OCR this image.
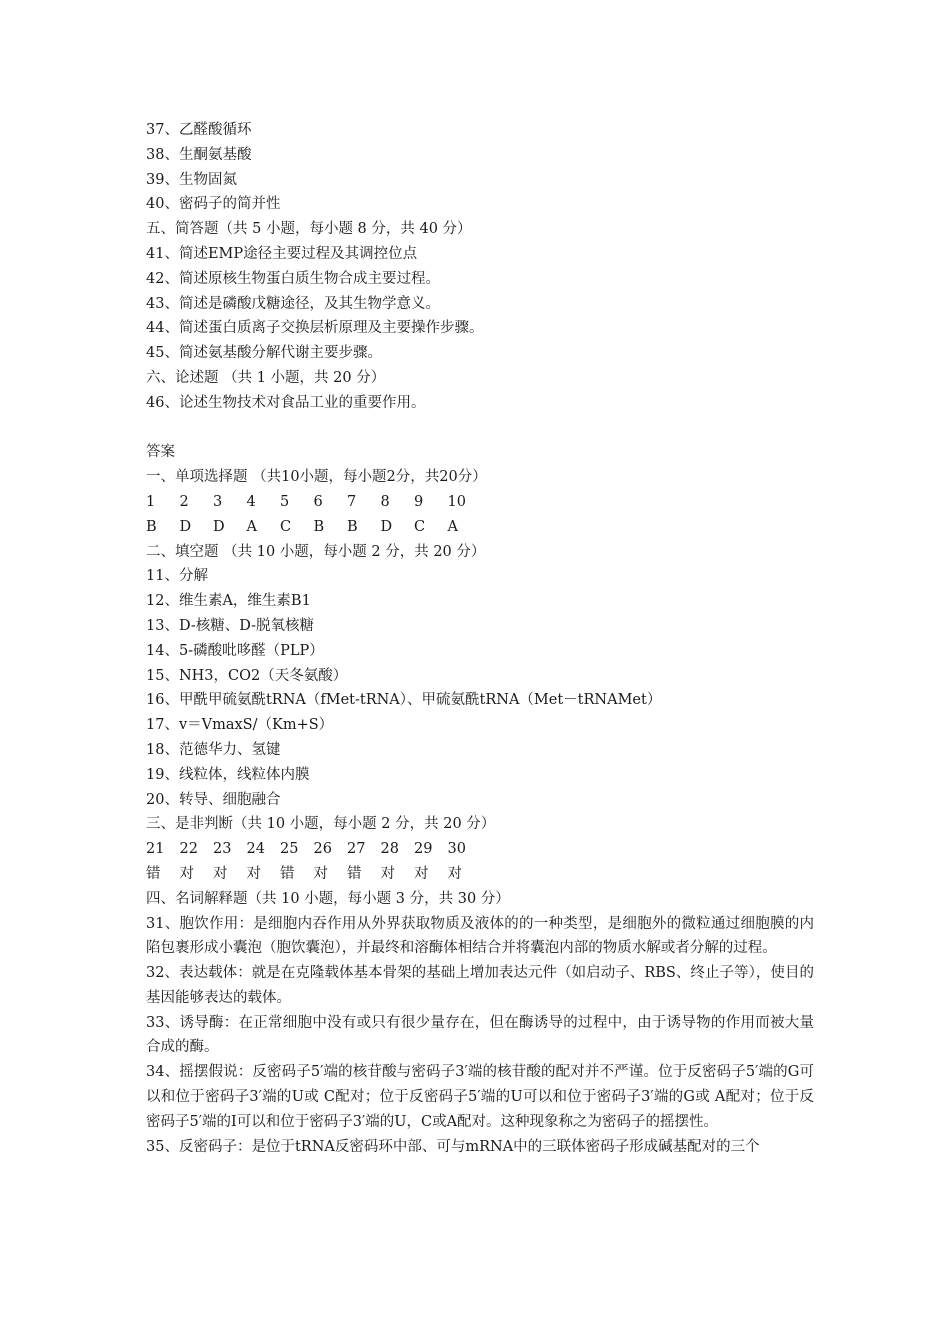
37、乙醛酸循环
38、生酮氨基酸
39、生物固氮
40、密码子的简并性
五、简答题（共 5 小题，每小题 8 分，共 40 分）
41、简述EMP途径主要过程及其调控位点
42、简述原核生物蛋白质生物合成主要过程。
43、简述是磷酸戊糖途径，及其生物学意义。
44、简述蛋白质离子交换层析原理及主要操作步骤。
45、简述氨基酸分解代谢主要步骤。
六、论述题 （共 1 小题，共 20 分）
46、论述生物技术对食品工业的重要作用。
答案
一、单项选择题 （共10小题，每小题2分，共20分）
1	2	3	4	5	6	7	8	9	10
B	D	D	A	C	B	B	D	C	A
二、填空题 （共 10 小题，每小题 2 分，共 20 分）
11、分解
12、维生素A，维生素B1
13、D-核糖、D-脱氧核糖
14、5-磷酸吡哆醛（PLP）
15、NH3，CO2（天冬氨酸）
16、甲酰甲硫氨酰tRNA（fMet-tRNA）、甲硫氨酰tRNA（Met－tRNAMet）
17、v＝VmaxS/（Km+S）
18、范德华力、氢键
19、线粒体，线粒体内膜
20、转导、细胞融合
三、是非判断（共 10 小题，每小题 2 分，共 20 分）
21	22	23	24	25	26	27	28	29	30
错	对	对	对	错	对	错	对	对	对
四、名词解释题（共 10 小题，每小题 3 分，共 30 分）
31、胞饮作用：是细胞内吞作用从外界获取物质及液体的的一种类型，是细胞外的微粒通过细胞膜的内陷包裹形成小囊泡（胞饮囊泡），并最终和溶酶体相结合并将囊泡内部的物质水解或者分解的过程。
32、表达载体：就是在克隆载体基本骨架的基础上增加表达元件（如启动子、RBS、终止子等），使目的基因能够表达的载体。
33、诱导酶：在正常细胞中没有或只有很少量存在，但在酶诱导的过程中，由于诱导物的作用而被大量合成的酶。
34、摇摆假说：反密码子5′端的核苷酸与密码子3′端的核苷酸的配对并不严谨。位于反密码子5′端的G可以和位于密码子3′端的U或 C配对；位于反密码子5′端的U可以和位于密码子3′端的G或 A配对；位于反密码子5′端的I可以和位于密码子3′端的U，C或A配对。这种现象称之为密码子的摇摆性。
35、反密码子：是位于tRNA反密码环中部、可与mRNA中的三联体密码子形成碱基配对的三个
